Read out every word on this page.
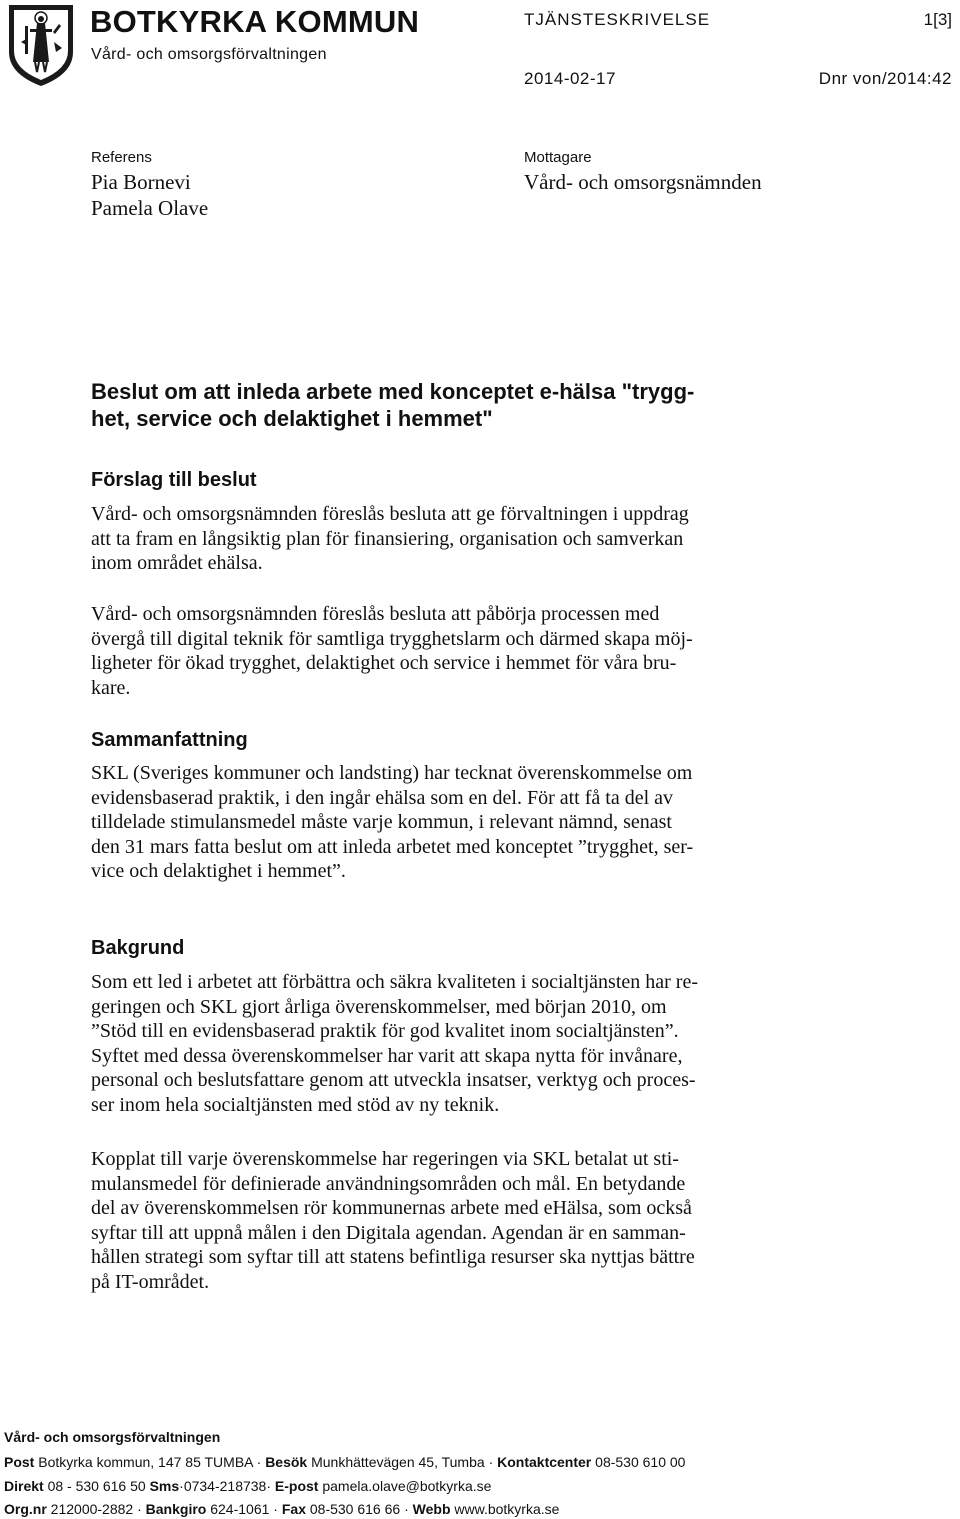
BOTKYRKA KOMMUN
Vård- och omsorgsförvaltningen
TJÄNSTESKRIVELSE	1[3]
2014-02-17	Dnr von/2014:42
Referens
Pia Bornevi
Pamela Olave
Mottagare
Vård- och omsorgsnämnden
Beslut om att inleda arbete med konceptet e-hälsa "trygg-
het, service och delaktighet i hemmet"
Förslag till beslut
Vård- och omsorgsnämnden föreslås besluta att ge förvaltningen i uppdrag
att ta fram en långsiktig plan för finansiering, organisation och samverkan
inom området ehälsa.
Vård- och omsorgsnämnden föreslås besluta att påbörja processen med
övergå till digital teknik för samtliga trygghetslarm och därmed skapa möj-
ligheter för ökad trygghet, delaktighet och service i hemmet för våra bru-
kare.
Sammanfattning
SKL (Sveriges kommuner och landsting) har tecknat överenskommelse om
evidensbaserad praktik, i den ingår ehälsa som en del. För att få ta del av
tilldelade stimulansmedel måste varje kommun, i relevant nämnd, senast
den 31 mars fatta beslut om att inleda arbetet med konceptet ”trygghet, ser-
vice och delaktighet i hemmet”.
Bakgrund
Som ett led i arbetet att förbättra och säkra kvaliteten i socialtjänsten har re-
geringen och SKL gjort årliga överenskommelser, med början 2010, om
”Stöd till en evidensbaserad praktik för god kvalitet inom socialtjänsten”.
Syftet med dessa överenskommelser har varit att skapa nytta för invånare,
personal och beslutsfattare genom att utveckla insatser, verktyg och proces-
ser inom hela socialtjänsten med stöd av ny teknik.
Kopplat till varje överenskommelse har regeringen via SKL betalat ut sti-
mulansmedel för definierade användningsområden och mål. En betydande
del av överenskommelsen rör kommunernas arbete med eHälsa, som också
syftar till att uppnå målen i den Digitala agendan. Agendan är en samman-
hållen strategi som syftar till att statens befintliga resurser ska nyttjas bättre
på IT-området.
Vård- och omsorgsförvaltningen
Post Botkyrka kommun, 147 85 TUMBA · Besök Munkhättevägen 45, Tumba · Kontaktcenter 08-530 610 00
Direkt 08 - 530 616 50 Sms·0734-218738· E-post pamela.olave@botkyrka.se
Org.nr 212000-2882 · Bankgiro 624-1061 · Fax 08-530 616 66 · Webb www.botkyrka.se
